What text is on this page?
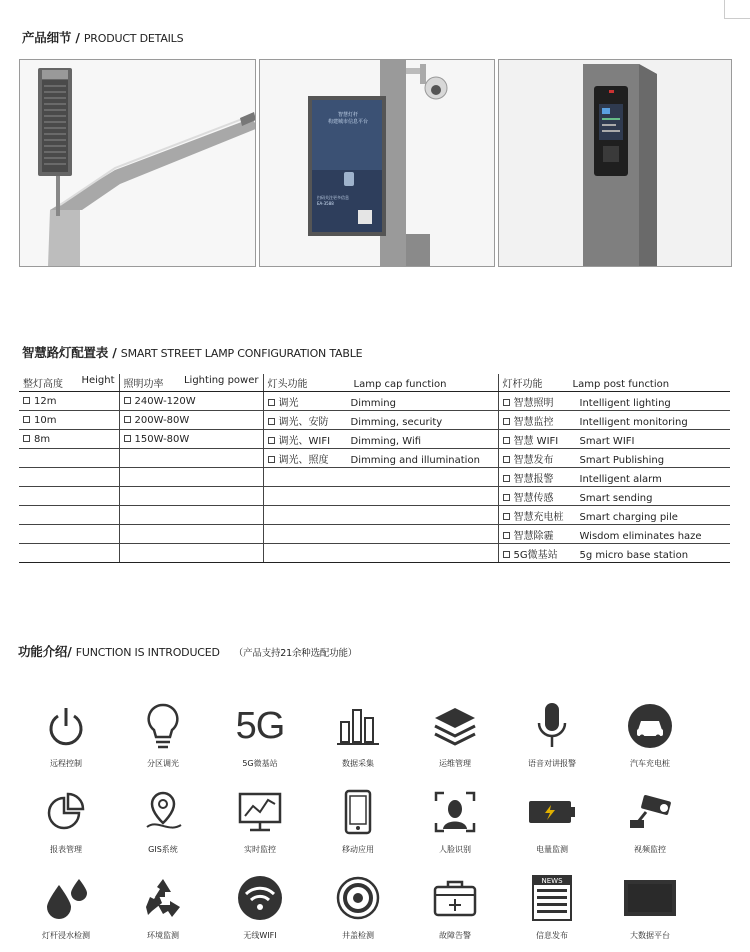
产品细节 / PRODUCT DETAILS
智慧灯杆
构建城市信息平台
扫码关注更多信息
EA-3588
智慧路灯配置表 / SMART STREET LAMP CONFIGURATION TABLE
整灯高度 Height	照明功率 Lighting power	灯头功能 Lamp cap function	灯杆功能 Lamp post function
12m	240W-120W	调光 Dimming	智慧照明 Intelligent lighting
10m	200W-80W	调光、安防 Dimming, security	智慧监控 Intelligent monitoring
8m	150W-80W	调光、WIFI Dimming, Wifi	智慧 WIFI Smart WIFI
		调光、照度 Dimming and illumination	智慧发布 Smart Publishing
			智慧报警 Intelligent alarm
			智慧传感 Smart sending
			智慧充电桩 Smart charging pile
			智慧除霾 Wisdom eliminates haze
			5G微基站 5g micro base station
功能介绍/ FUNCTION IS INTRODUCED （产品支持21余种选配功能）
远程控制	分区调光
5G
5G微基站	数据采集	运维管理	语音对讲报警	汽车充电桩
报表管理	GIS系统	实时监控	移动应用	人脸识别	电量监测	视频监控
灯杆浸水检测	环境监测	无线WIFI	井盖检测	故障告警
NEWS
信息发布	大数据平台
